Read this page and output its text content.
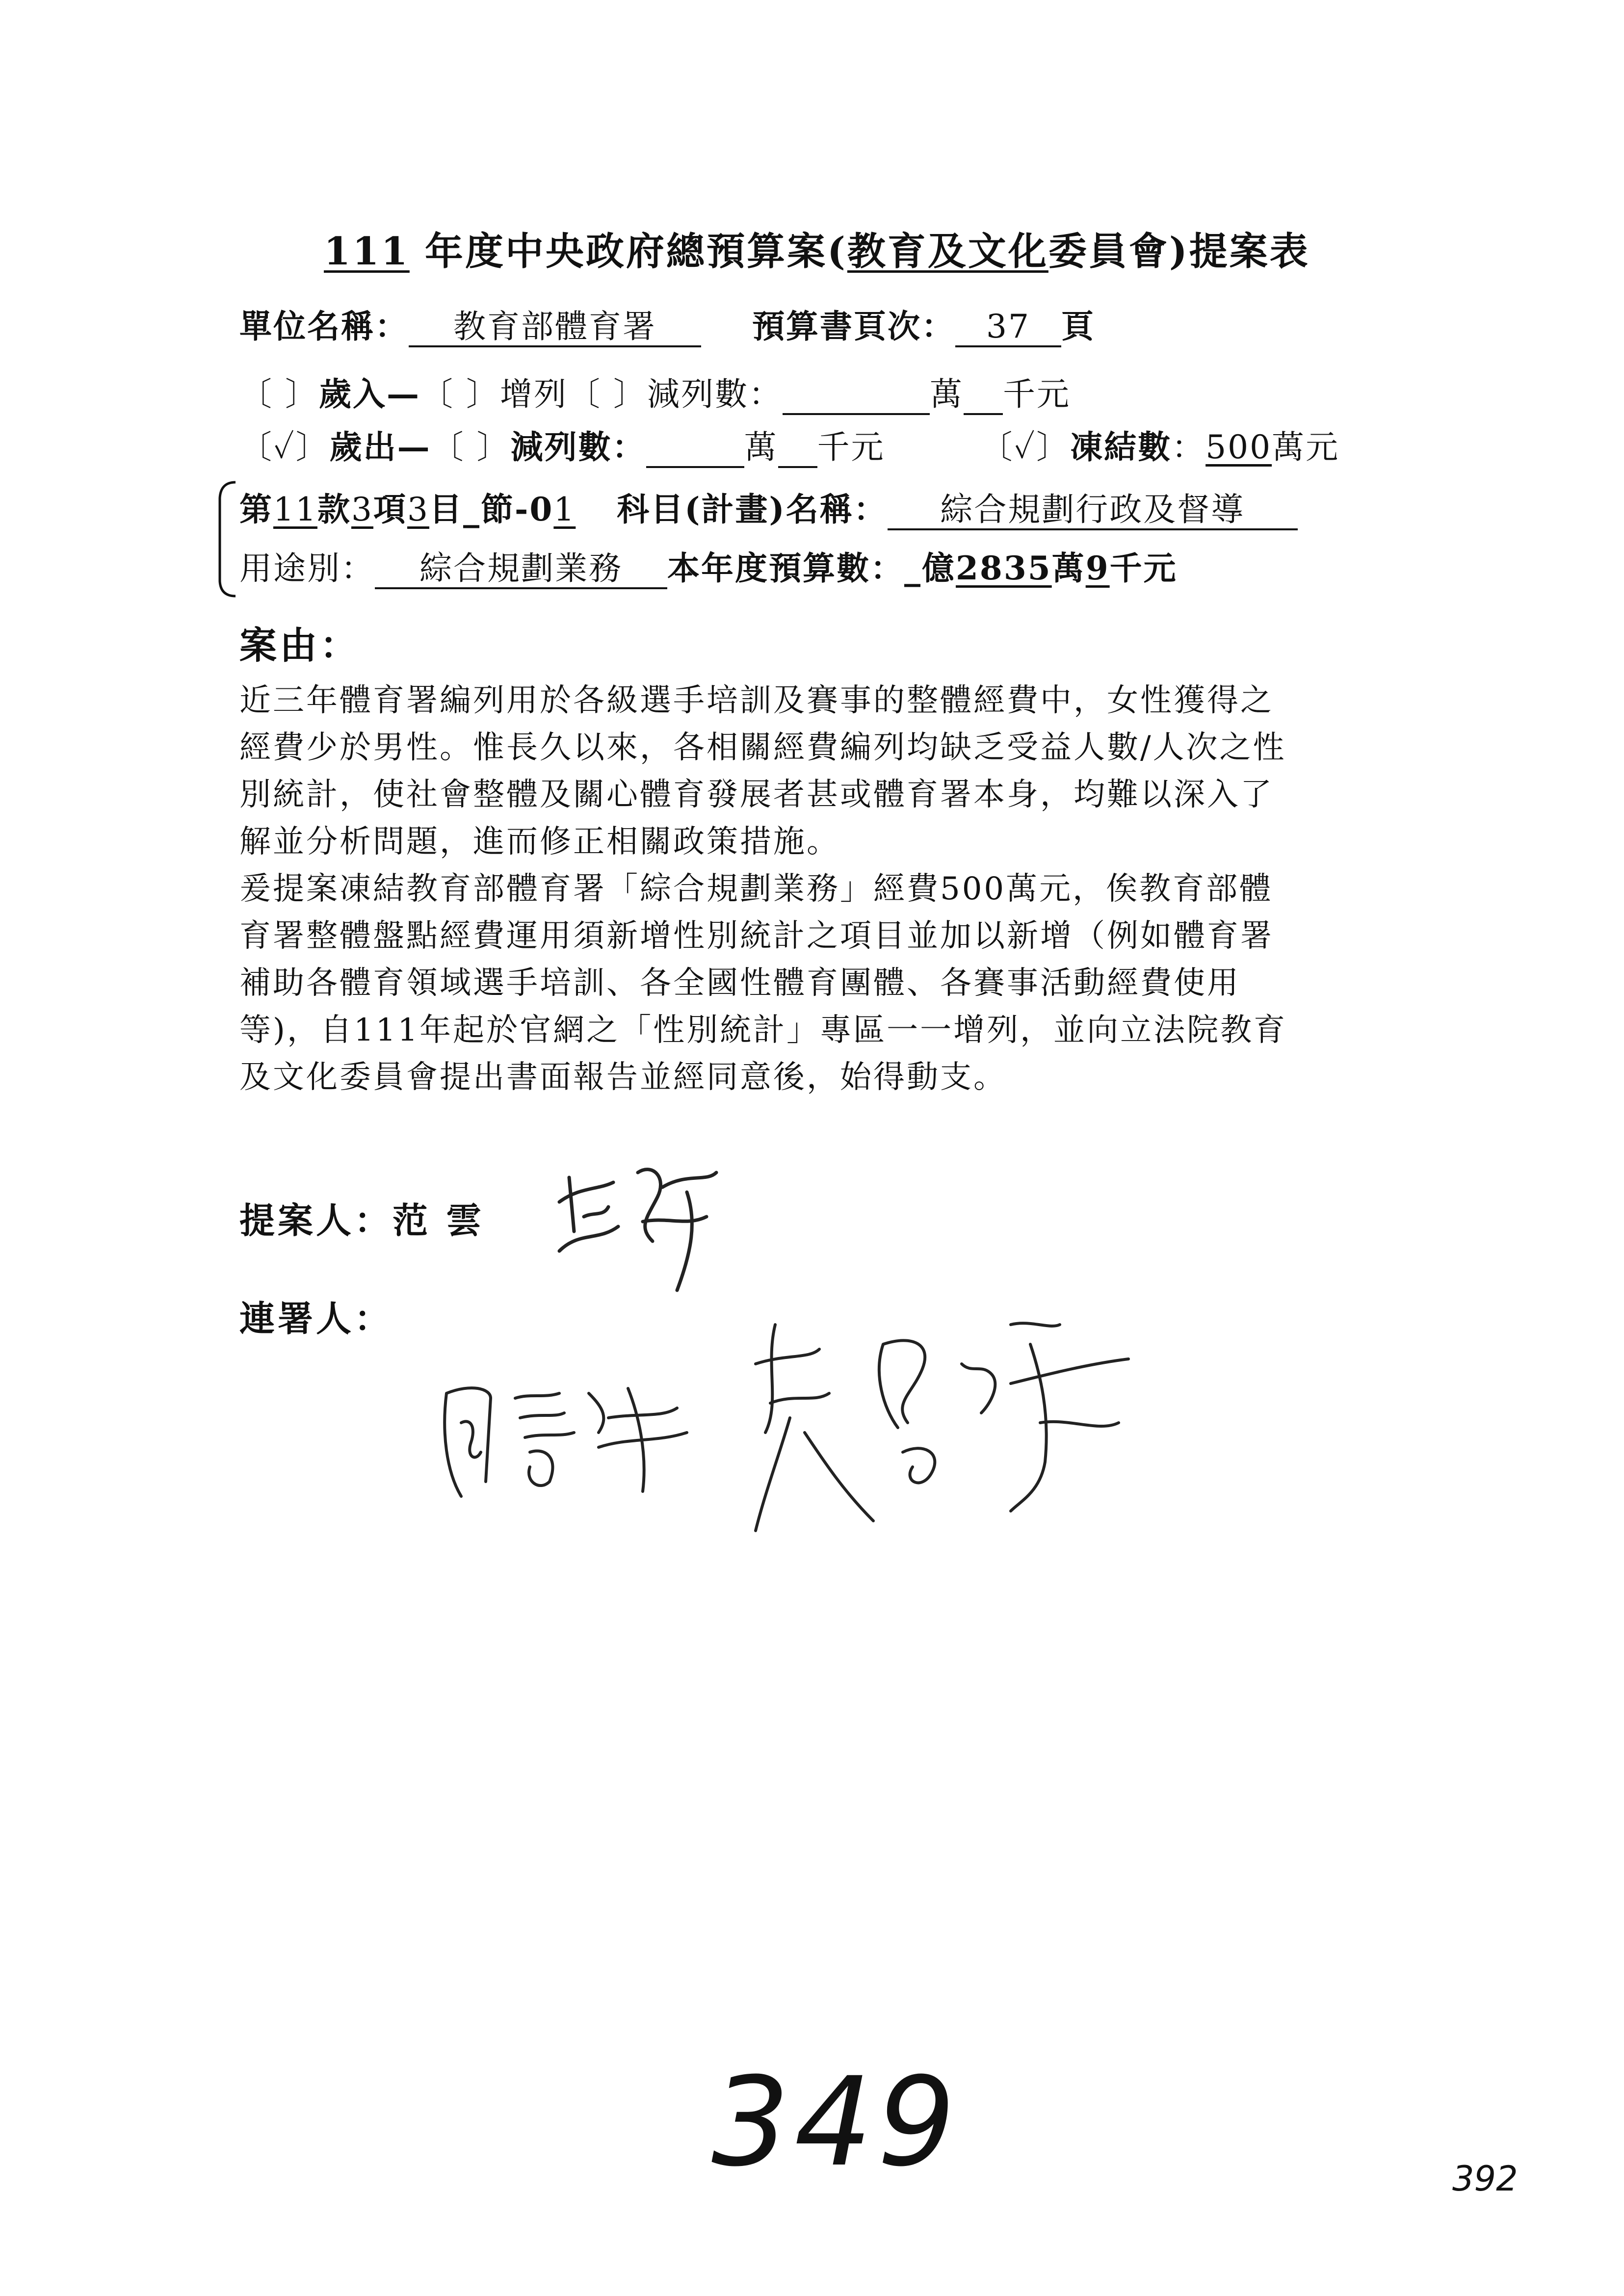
111 年度中央政府總預算案(教育及文化委員會)提案表
單位名稱： 教育部體育署	預算書頁次： 37 頁
〔 〕歲入—〔 〕增列〔 〕減列數：	萬 千元
〔✓〕歲出—〔 〕減列數：	萬 千元	〔✓〕凍結數：500萬元
第11款3項3目_節-01 科目(計畫)名稱： 綜合規劃行政及督導
用途別： 綜合規劃業務 本年度預算數：_億2835萬9千元
案由：
近三年體育署編列用於各級選手培訓及賽事的整體經費中，女性獲得之
經費少於男性。惟長久以來，各相關經費編列均缺乏受益人數/人次之性
別統計，使社會整體及關心體育發展者甚或體育署本身，均難以深入了
解並分析問題，進而修正相關政策措施。
爰提案凍結教育部體育署「綜合規劃業務」經費500萬元，俟教育部體
育署整體盤點經費運用須新增性別統計之項目並加以新增（例如體育署
補助各體育領域選手培訓、各全國性體育團體、各賽事活動經費使用
等)，自111年起於官網之「性別統計」專區一一增列，並向立法院教育
及文化委員會提出書面報告並經同意後，始得動支。
提案人：范 雲
連署人：
349	392
